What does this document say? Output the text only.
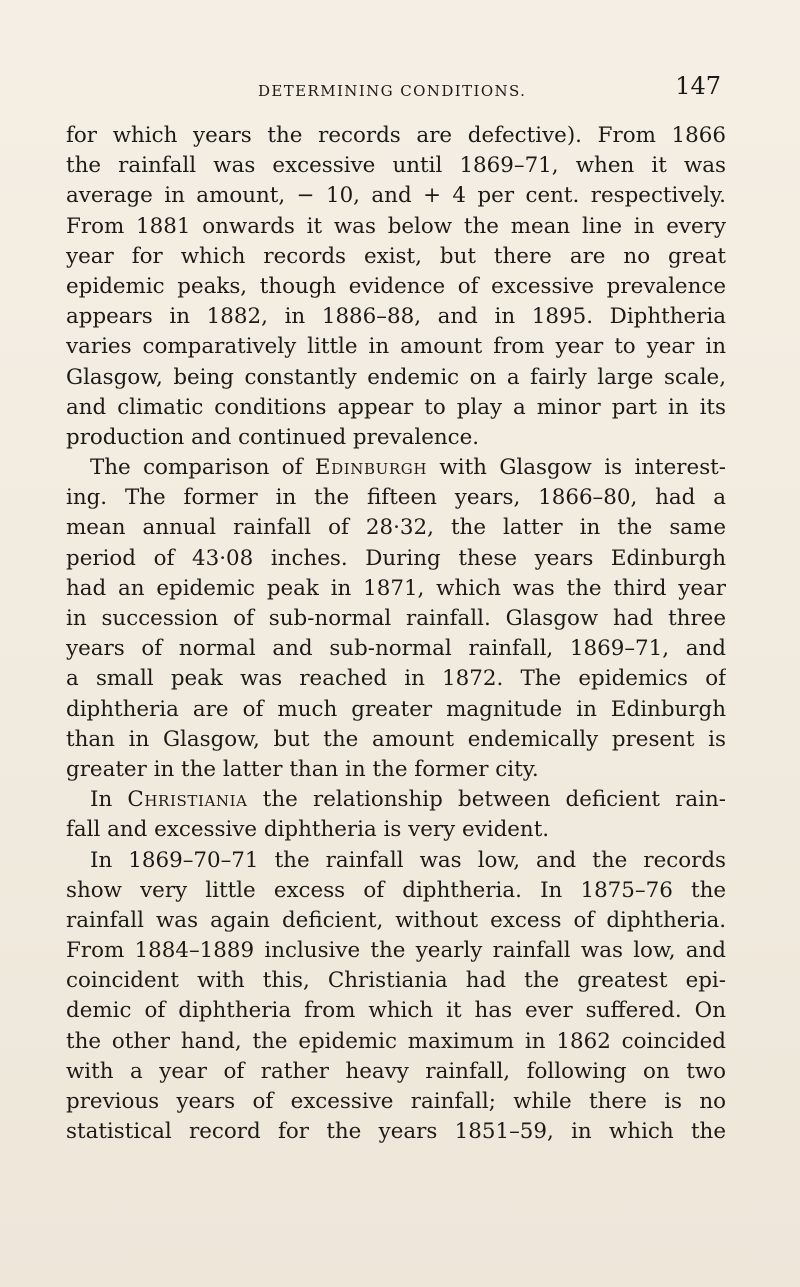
DETERMINING CONDITIONS.	147
for which years the records are defective). From 1866
the rainfall was excessive until 1869–71, when it was
average in amount, − 10, and + 4 per cent. respectively.
From 1881 onwards it was below the mean line in every
year for which records exist, but there are no great
epidemic peaks, though evidence of excessive prevalence
appears in 1882, in 1886–88, and in 1895. Diphtheria
varies comparatively little in amount from year to year in
Glasgow, being constantly endemic on a fairly large scale,
and climatic conditions appear to play a minor part in its
production and continued prevalence.
The comparison of Edinburgh with Glasgow is interest-
ing. The former in the fifteen years, 1866–80, had a
mean annual rainfall of 28·32, the latter in the same
period of 43·08 inches. During these years Edinburgh
had an epidemic peak in 1871, which was the third year
in succession of sub-normal rainfall. Glasgow had three
years of normal and sub-normal rainfall, 1869–71, and
a small peak was reached in 1872. The epidemics of
diphtheria are of much greater magnitude in Edinburgh
than in Glasgow, but the amount endemically present is
greater in the latter than in the former city.
In Christiania the relationship between deficient rain-
fall and excessive diphtheria is very evident.
In 1869–70–71 the rainfall was low, and the records
show very little excess of diphtheria. In 1875–76 the
rainfall was again deficient, without excess of diphtheria.
From 1884–1889 inclusive the yearly rainfall was low, and
coincident with this, Christiania had the greatest epi-
demic of diphtheria from which it has ever suffered. On
the other hand, the epidemic maximum in 1862 coincided
with a year of rather heavy rainfall, following on two
previous years of excessive rainfall; while there is no
statistical record for the years 1851–59, in which the
